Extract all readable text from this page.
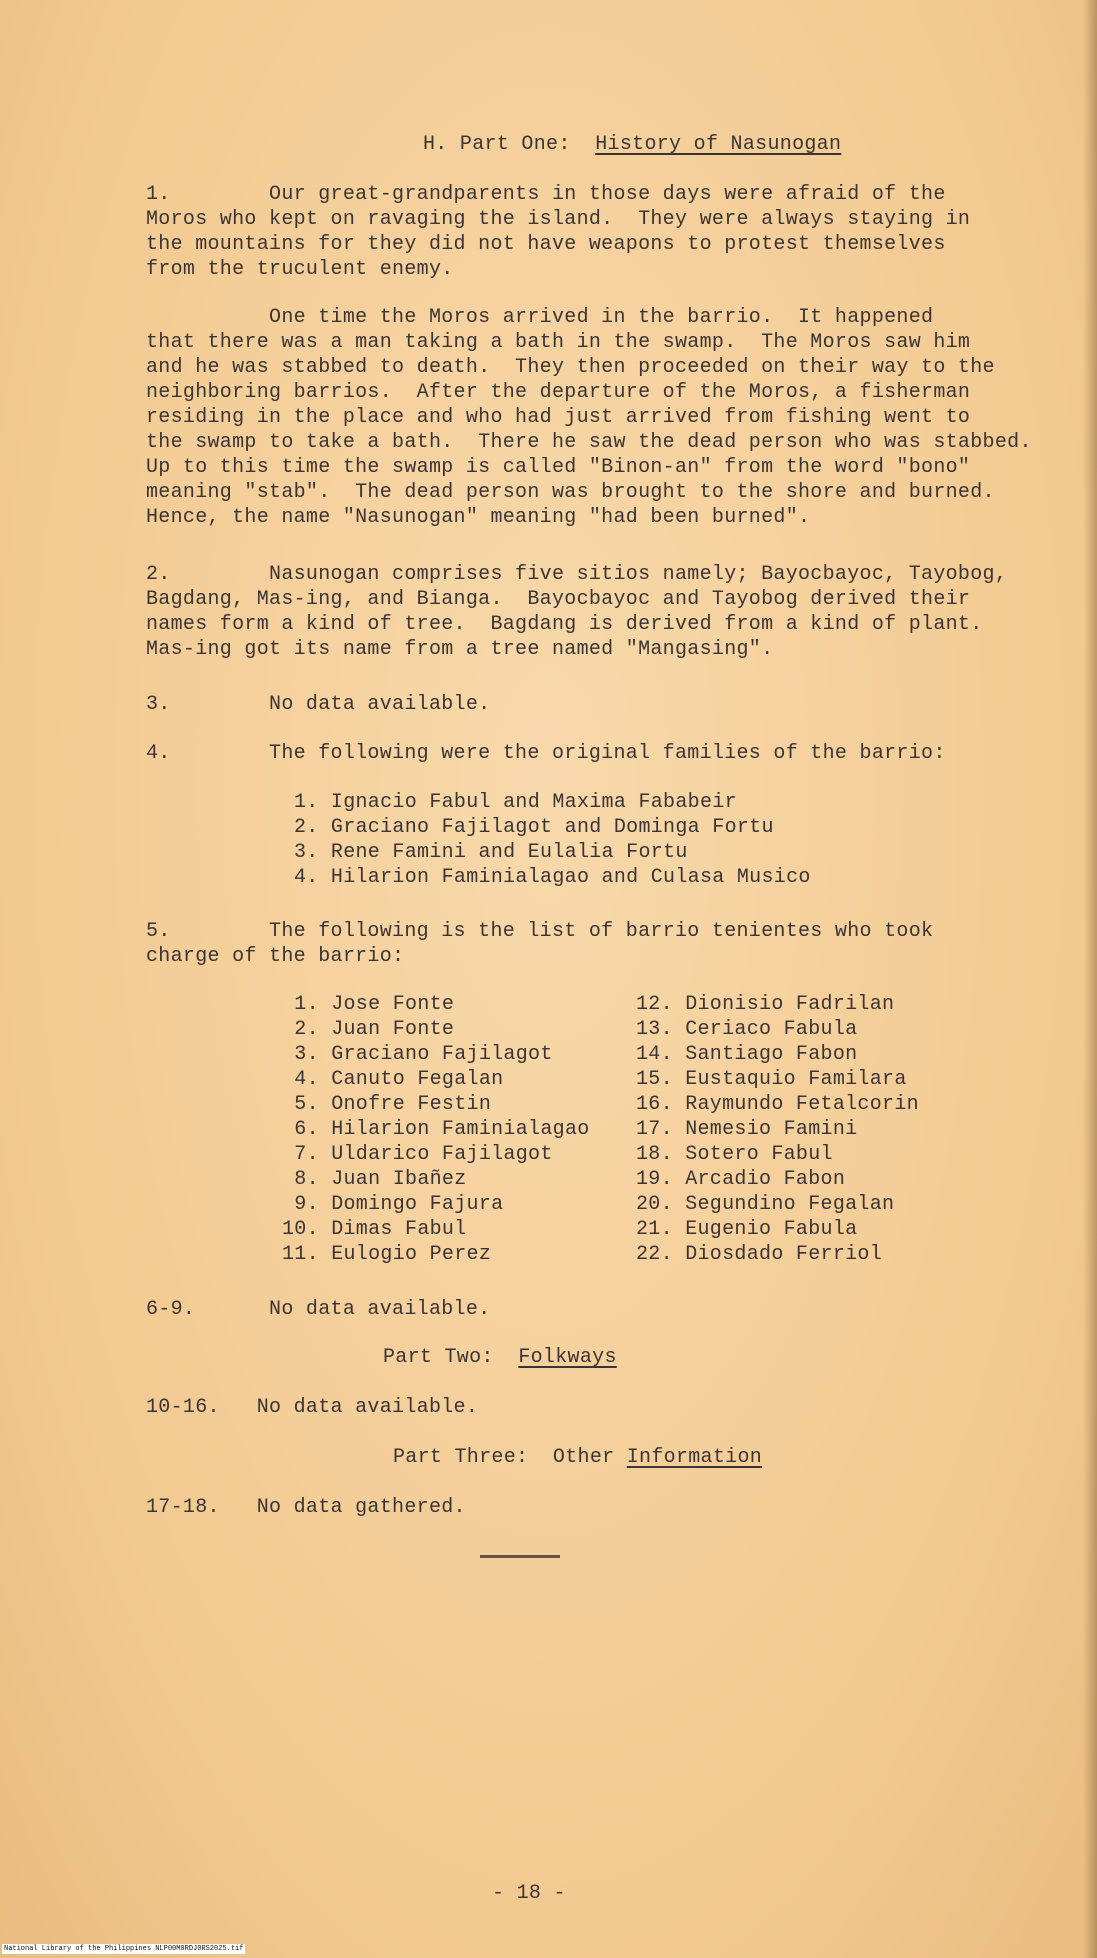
H. Part One:  History of Nasunogan
1.        Our great-grandparents in those days were afraid of the
Moros who kept on ravaging the island.  They were always staying in
the mountains for they did not have weapons to protest themselves
from the truculent enemy.
One time the Moros arrived in the barrio.  It happened
that there was a man taking a bath in the swamp.  The Moros saw him
and he was stabbed to death.  They then proceeded on their way to the
neighboring barrios.  After the departure of the Moros, a fisherman
residing in the place and who had just arrived from fishing went to
the swamp to take a bath.  There he saw the dead person who was stabbed.
Up to this time the swamp is called "Binon-an" from the word "bono"
meaning "stab".  The dead person was brought to the shore and burned.
Hence, the name "Nasunogan" meaning "had been burned".
2.        Nasunogan comprises five sitios namely; Bayocbayoc, Tayobog,
Bagdang, Mas-ing, and Bianga.  Bayocbayoc and Tayobog derived their
names form a kind of tree.  Bagdang is derived from a kind of plant.
Mas-ing got its name from a tree named "Mangasing".
3.        No data available.
4.        The following were the original families of the barrio:
1. Ignacio Fabul and Maxima Fababeir
2. Graciano Fajilagot and Dominga Fortu
3. Rene Famini and Eulalia Fortu
4. Hilarion Faminialagao and Culasa Musico
5.        The following is the list of barrio tenientes who took
charge of the barrio:
1. Jose Fonte
2. Juan Fonte
3. Graciano Fajilagot
4. Canuto Fegalan
5. Onofre Festin
6. Hilarion Faminialagao
7. Uldarico Fajilagot
8. Juan Ibañez
9. Domingo Fajura
10. Dimas Fabul
11. Eulogio Perez
12. Dionisio Fadrilan
13. Ceriaco Fabula
14. Santiago Fabon
15. Eustaquio Familara
16. Raymundo Fetalcorin
17. Nemesio Famini
18. Sotero Fabul
19. Arcadio Fabon
20. Segundino Fegalan
21. Eugenio Fabula
22. Diosdado Ferriol
6-9.      No data available.
Part Two:  Folkways
10-16.   No data available.
Part Three:  Other Information
17-18.   No data gathered.
- 18 -
National Library of the Philippines NLP00M0RDJ0RS2025.tif
